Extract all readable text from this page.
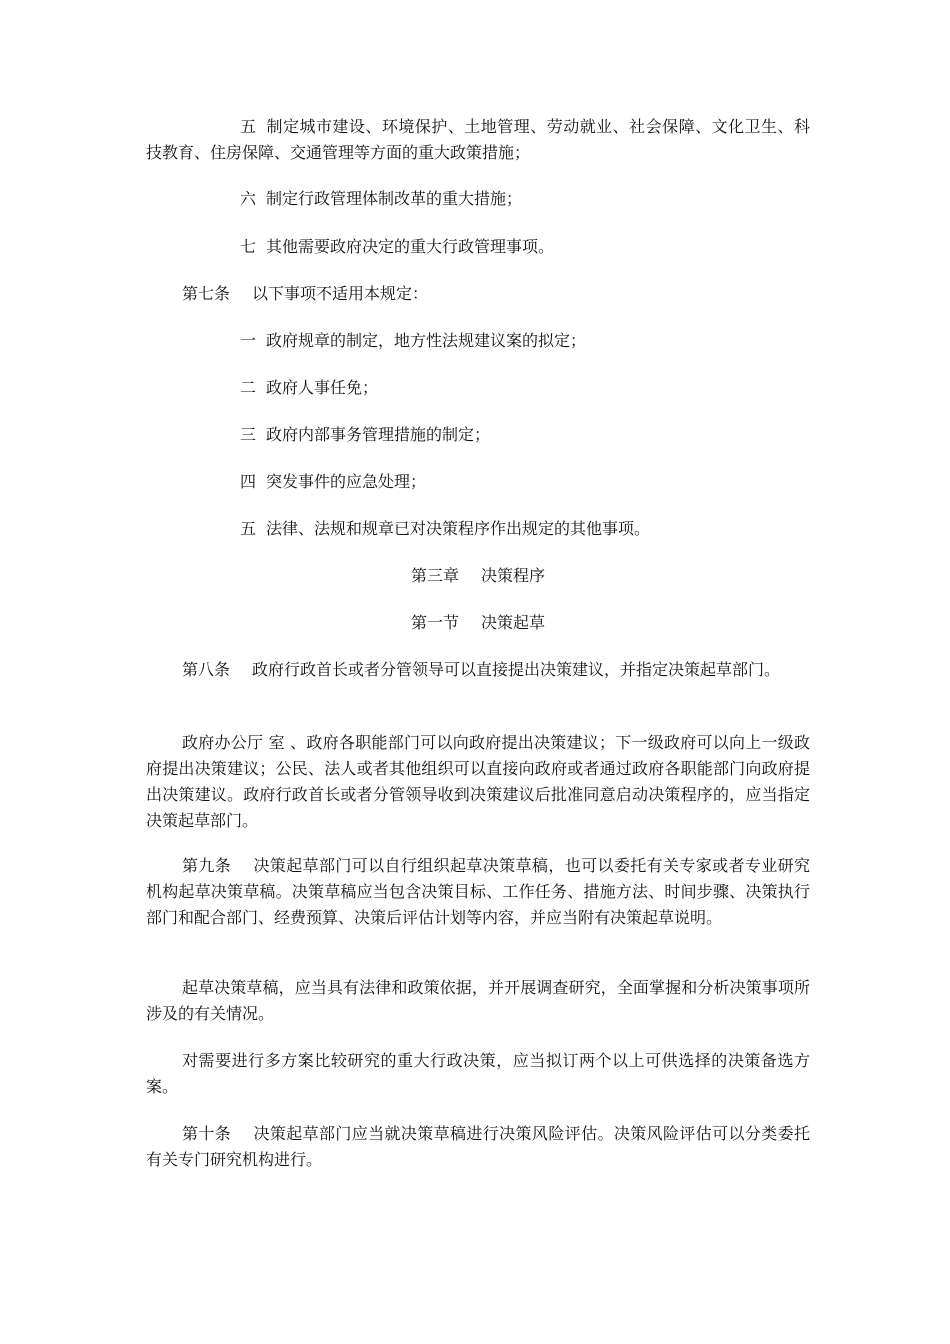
五 制定城市建设、环境保护、土地管理、劳动就业、社会保障、文化卫生、科技教育、住房保障、交通管理等方面的重大政策措施；

六 制定行政管理体制改革的重大措施；

七 其他需要政府决定的重大行政管理事项。

第七条 以下事项不适用本规定：

一 政府规章的制定，地方性法规建议案的拟定；

二 政府人事任免；

三 政府内部事务管理措施的制定；

四 突发事件的应急处理；

五 法律、法规和规章已对决策程序作出规定的其他事项。

第三章 决策程序

第一节 决策起草

第八条 政府行政首长或者分管领导可以直接提出决策建议，并指定决策起草部门。

政府办公厅 室 、政府各职能部门可以向政府提出决策建议；下一级政府可以向上一级政府提出决策建议；公民、法人或者其他组织可以直接向政府或者通过政府各职能部门向政府提出决策建议。政府行政首长或者分管领导收到决策建议后批准同意启动决策程序的，应当指定决策起草部门。

第九条 决策起草部门可以自行组织起草决策草稿，也可以委托有关专家或者专业研究机构起草决策草稿。决策草稿应当包含决策目标、工作任务、措施方法、时间步骤、决策执行部门和配合部门、经费预算、决策后评估计划等内容，并应当附有决策起草说明。

起草决策草稿，应当具有法律和政策依据，并开展调查研究，全面掌握和分析决策事项所涉及的有关情况。

对需要进行多方案比较研究的重大行政决策，应当拟订两个以上可供选择的决策备选方案。

第十条 决策起草部门应当就决策草稿进行决策风险评估。决策风险评估可以分类委托有关专门研究机构进行。
